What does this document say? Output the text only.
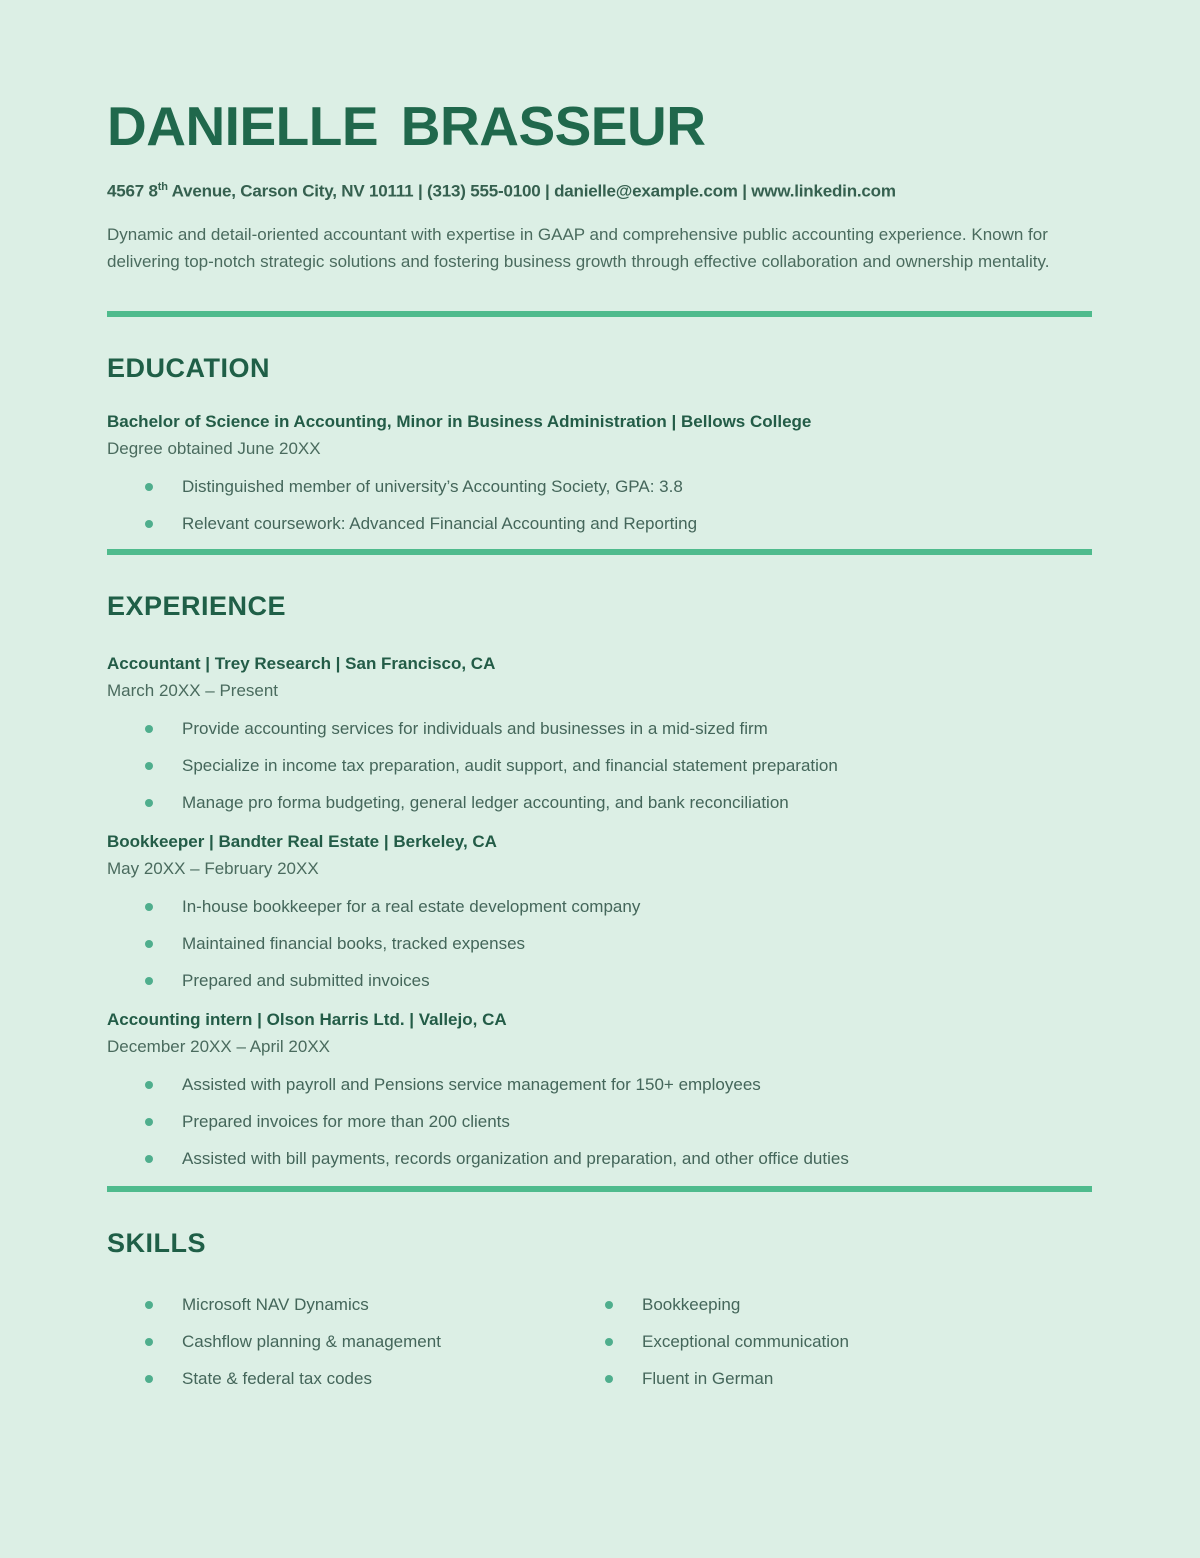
DANIELLE BRASSEUR

4567 8th Avenue, Carson City, NV 10111 | (313) 555-0100 | danielle@example.com | www.linkedin.com

Dynamic and detail-oriented accountant with expertise in GAAP and comprehensive public accounting experience. Known for delivering top-notch strategic solutions and fostering business growth through effective collaboration and ownership mentality.

EDUCATION

Bachelor of Science in Accounting, Minor in Business Administration | Bellows College

Degree obtained June 20XX

Distinguished member of university’s Accounting Society, GPA: 3.8
Relevant coursework: Advanced Financial Accounting and Reporting
EXPERIENCE

Accountant | Trey Research | San Francisco, CA

March 20XX – Present

Provide accounting services for individuals and businesses in a mid-sized firm
Specialize in income tax preparation, audit support, and financial statement preparation
Manage pro forma budgeting, general ledger accounting, and bank reconciliation

Bookkeeper | Bandter Real Estate | Berkeley, CA

May 20XX – February 20XX

In-house bookkeeper for a real estate development company
Maintained financial books, tracked expenses
Prepared and submitted invoices

Accounting intern | Olson Harris Ltd. | Vallejo, CA

December 20XX – April 20XX

Assisted with payroll and Pensions service management for 150+ employees
Prepared invoices for more than 200 clients
Assisted with bill payments, records organization and preparation, and other office duties
SKILLS
Microsoft NAV Dynamics
Cashflow planning & management
State & federal tax codes
Bookkeeping
Exceptional communication
Fluent in German
